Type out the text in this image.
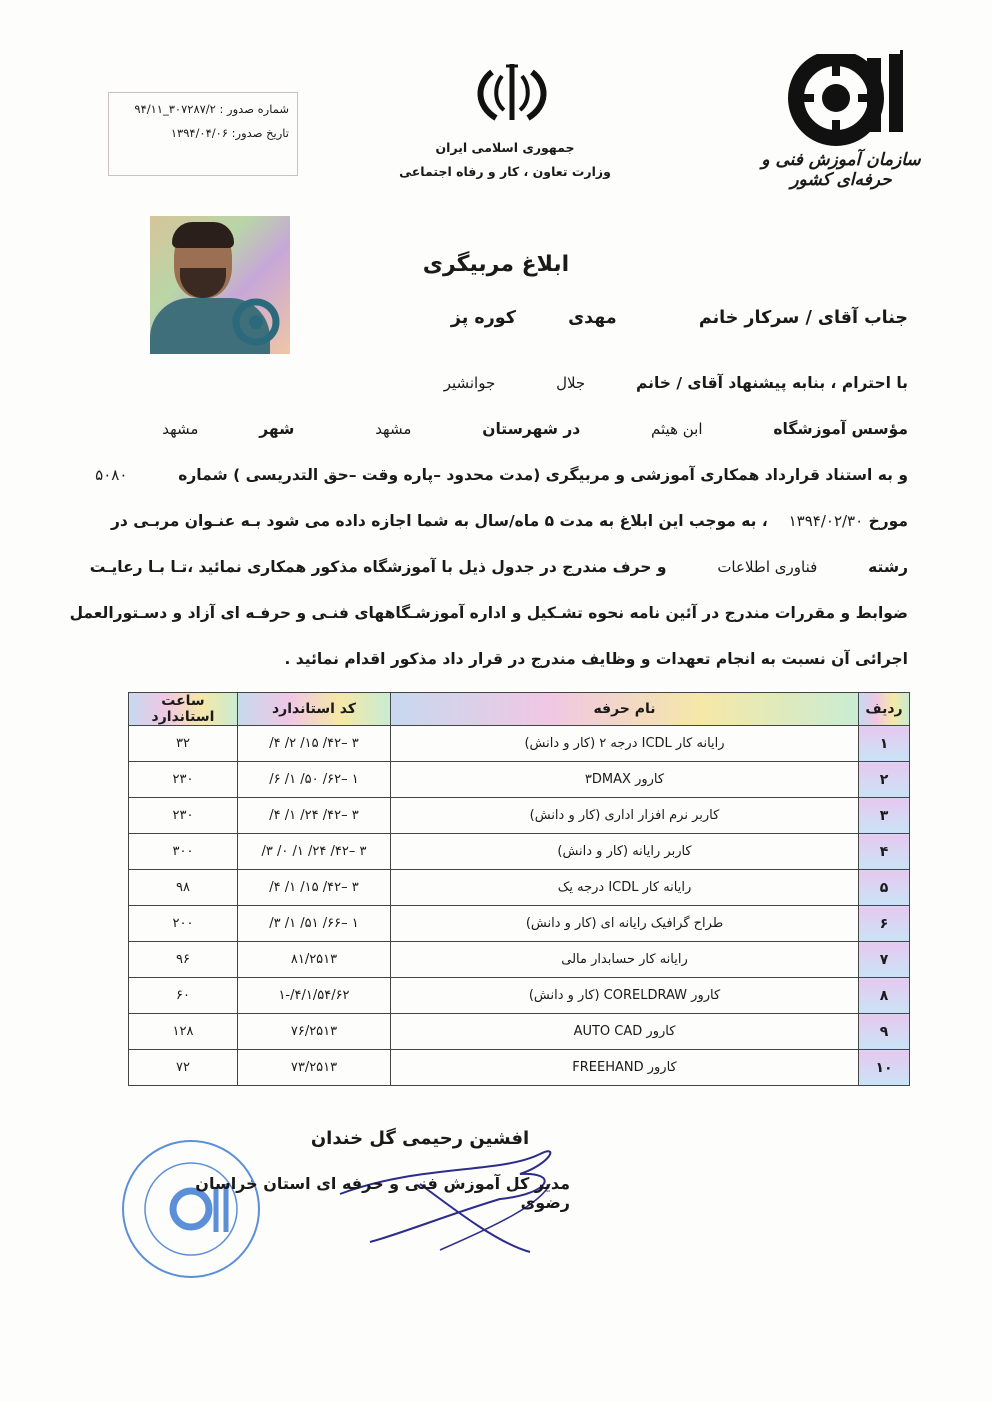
شماره صدور : ۳۰۷۲۸۷/۲_۹۴/۱۱
تاریخ صدور: ۱۳۹۴/۰۴/۰۶
جمهوری اسلامی ایران
وزارت تعاون ، کار و رفاه اجتماعی
سازمان آموزش فنی و حرفه‌ای کشور
ابلاغ مربیگری
جناب آقای / سرکار خانم  مهدی  کوره پز
با احترام ، بنابه پیشنهاد آقای / خانم  جلال  جوانشیر
مؤسس آموزشگاه  ابن هیثم  در شهرستان  مشهد  شهر  مشهد
و به استناد قرارداد همکاری آموزشی و مربیگری (مدت محدود –پاره وقت –حق التدریسی ) شماره  ۵۰۸۰
مورخ ۱۳۹۴/۰۲/۳۰  ، به موجب این ابلاغ به مدت ۵ ماه/سال به شما اجازه داده می شود بـه عنـوان مربـی در
رشته  فناوری اطلاعات  و حرف مندرج در جدول ذیل با آموزشگاه مذکور همکاری نمائید ،تـا بـا رعایـت
ضوابط و مقررات مندرج در آئین نامه نحوه تشـکیل و اداره آموزشـگاههای فنـی و حرفـه ای آزاد و دسـتورالعمل
اجرائی آن نسبت به انجام تعهدات و وظایف مندرج در قرار داد مذکور اقدام نمائید .
ردیف	نام حرفه	کد استاندارد	ساعت استاندارد
۱	رایانه کار ICDL درجه ۲ (کار و دانش)	۳ –۴۲/ ۱۵/ ۲/ ۴/	۳۲
۲	کارور ۳DMAX	۱ –۶۲/ ۵۰/ ۱/ ۶/	۲۳۰
۳	کاربر نرم افزار اداری (کار و دانش)	۳ –۴۲/ ۲۴/ ۱/ ۴/	۲۳۰
۴	کاربر رایانه (کار و دانش)	۳ –۴۲/ ۲۴/ ۱/ ۰/ ۳/	۳۰۰
۵	رایانه کار ICDL درجه یک	۳ –۴۲/ ۱۵/ ۱/ ۴/	۹۸
۶	طراح گرافیک رایانه ای (کار و دانش)	۱ –۶۶/ ۵۱/ ۱/ ۳/	۲۰۰
۷	رایانه کار حسابدار مالی	۸۱/۲۵۱۳	۹۶
۸	کارور CORELDRAW (کار و دانش)	۴/۱/۵۴/۶۲/-۱	۶۰
۹	کارور AUTO CAD	۷۶/۲۵۱۳	۱۲۸
۱۰	کارور FREEHAND	۷۳/۲۵۱۳	۷۲
افشین رحیمی گل خندان
مدیر کل آموزش فنی و حرفه ای استان خراسان رضوی
